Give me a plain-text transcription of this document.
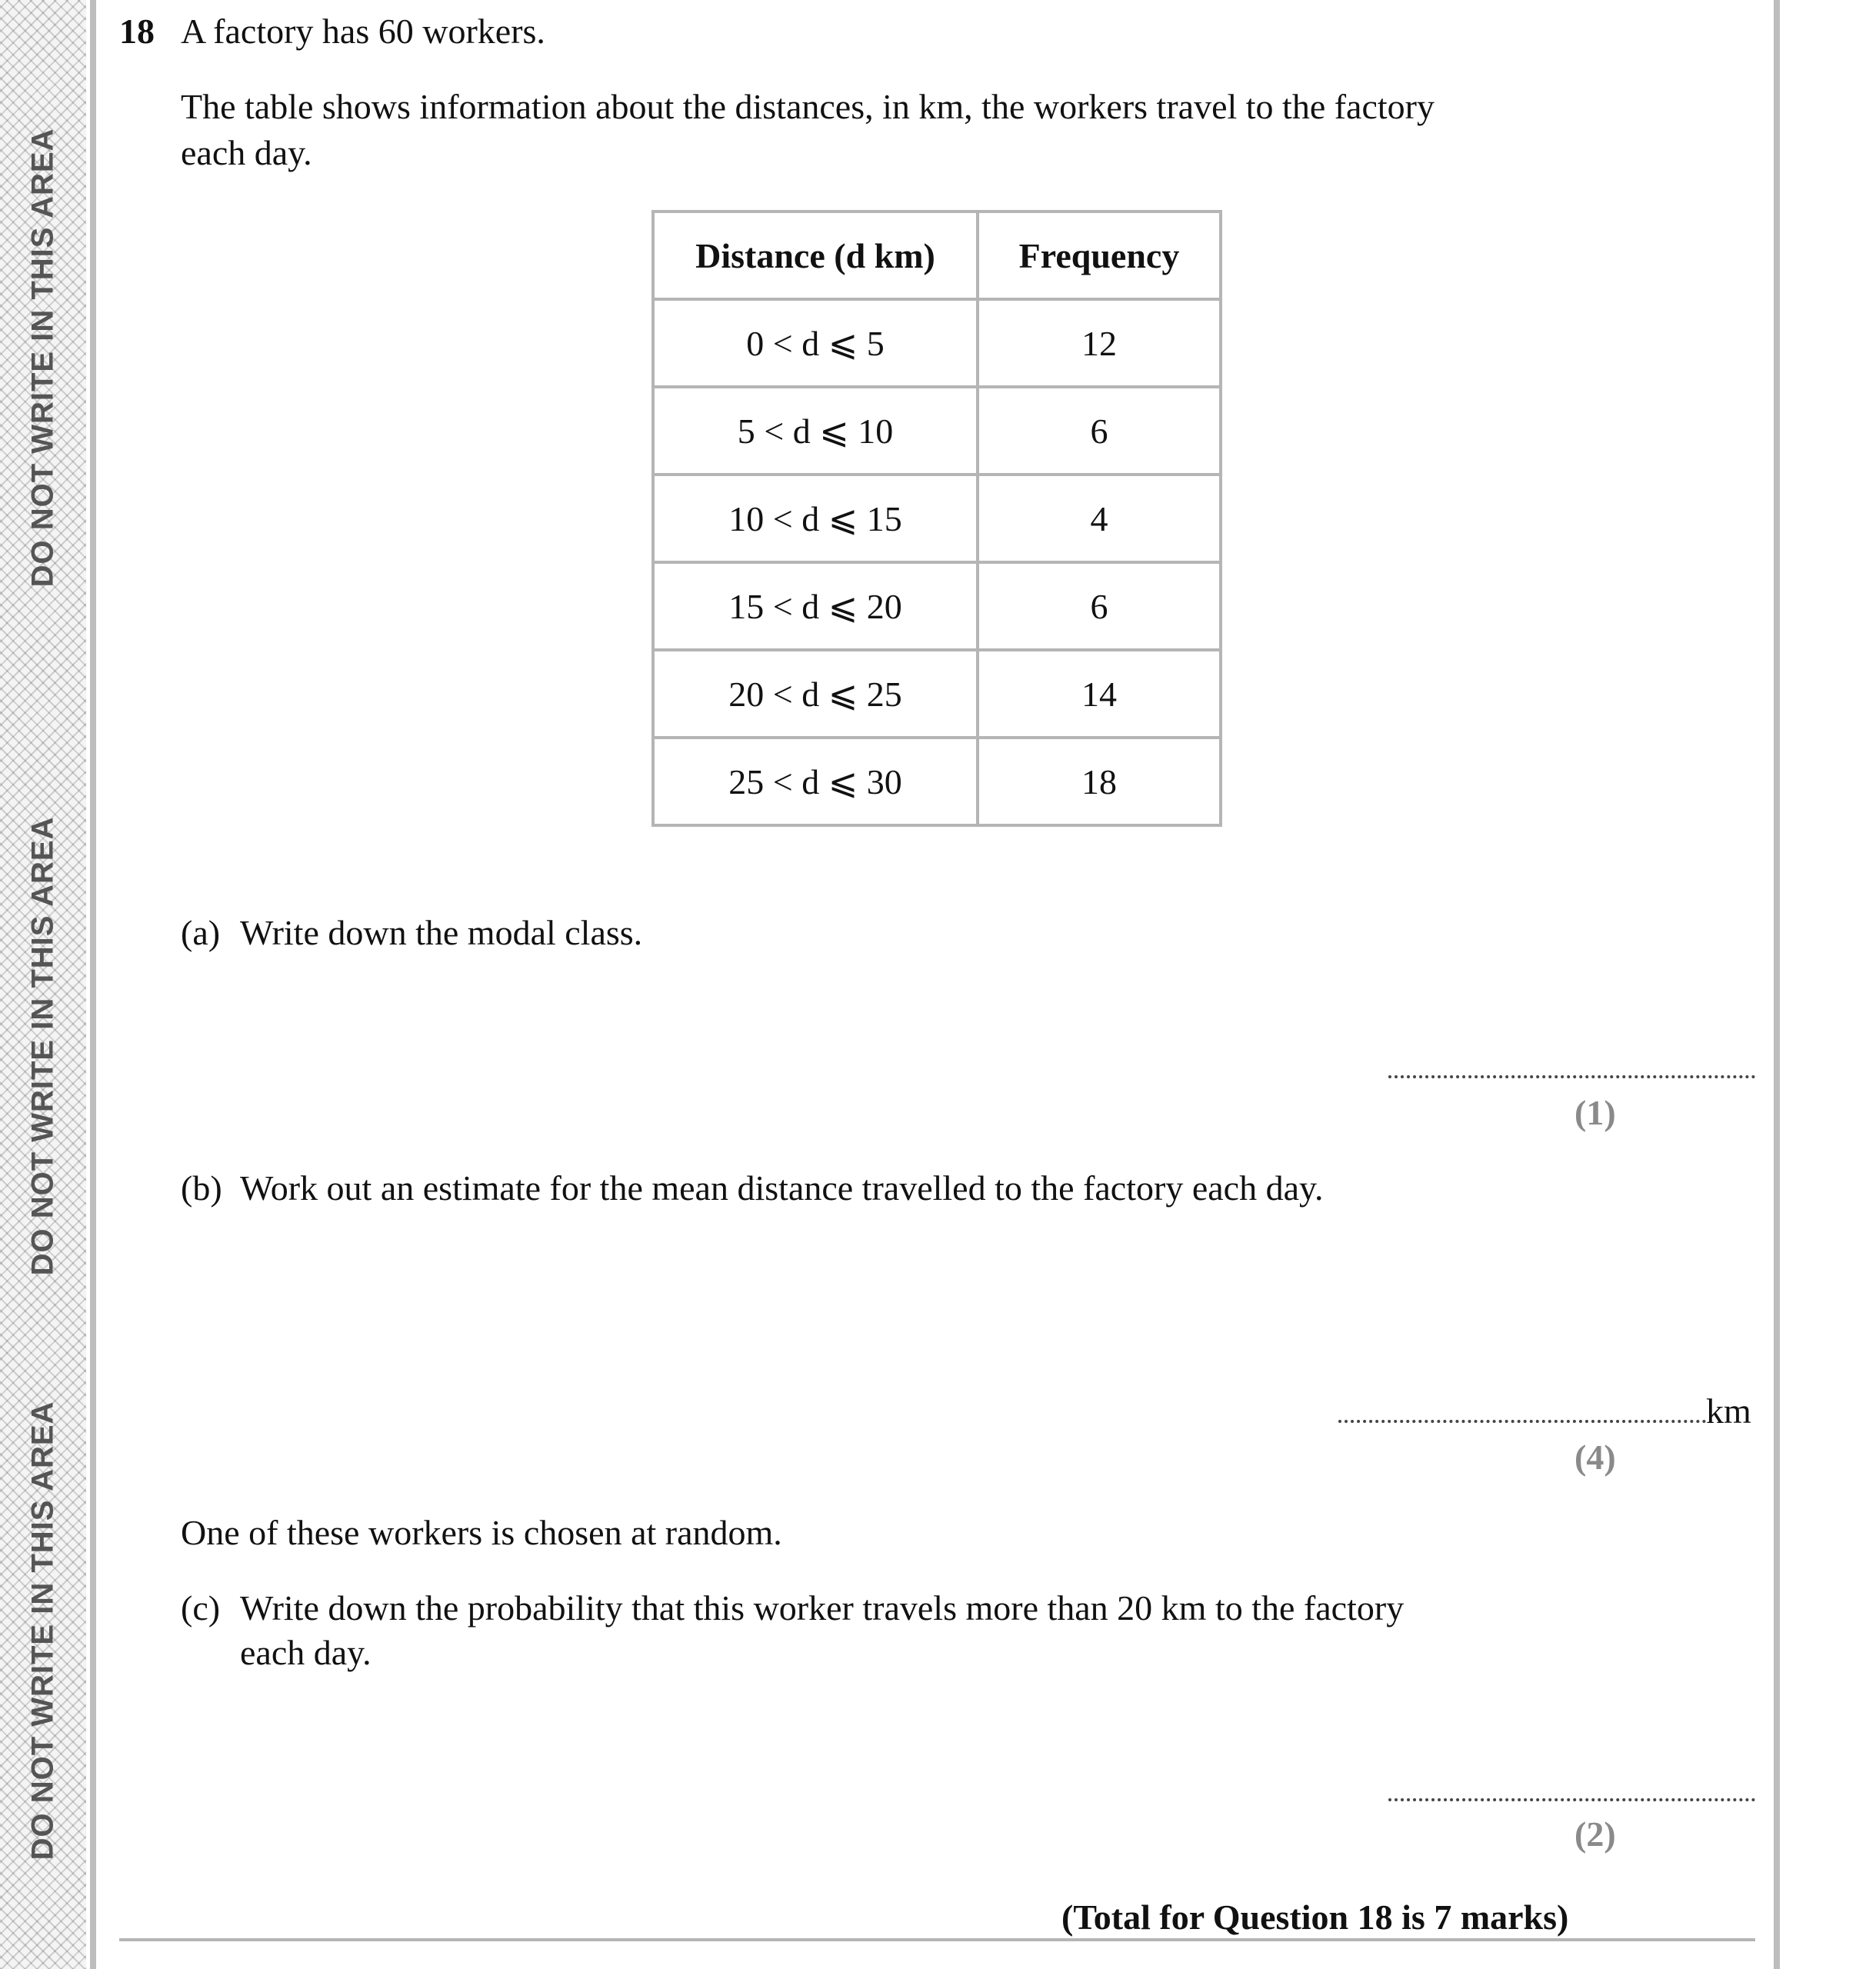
DO NOT WRITE IN THIS AREA
DO NOT WRITE IN THIS AREA
DO NOT WRITE IN THIS AREA
18 A factory has 60 workers.
The table shows information about the distances, in km, the workers travel to the factory
each day.
Distance (d km)	Frequency
0 < d ⩽ 5	12
5 < d ⩽ 10	6
10 < d ⩽ 15	4
15 < d ⩽ 20	6
20 < d ⩽ 25	14
25 < d ⩽ 30	18
(a) Write down the modal class.
(1)
(b) Work out an estimate for the mean distance travelled to the factory each day.
km
(4)
One of these workers is chosen at random.
(c) Write down the probability that this worker travels more than 20 km to the factory
each day.
(2)
(Total for Question 18 is 7 marks)
